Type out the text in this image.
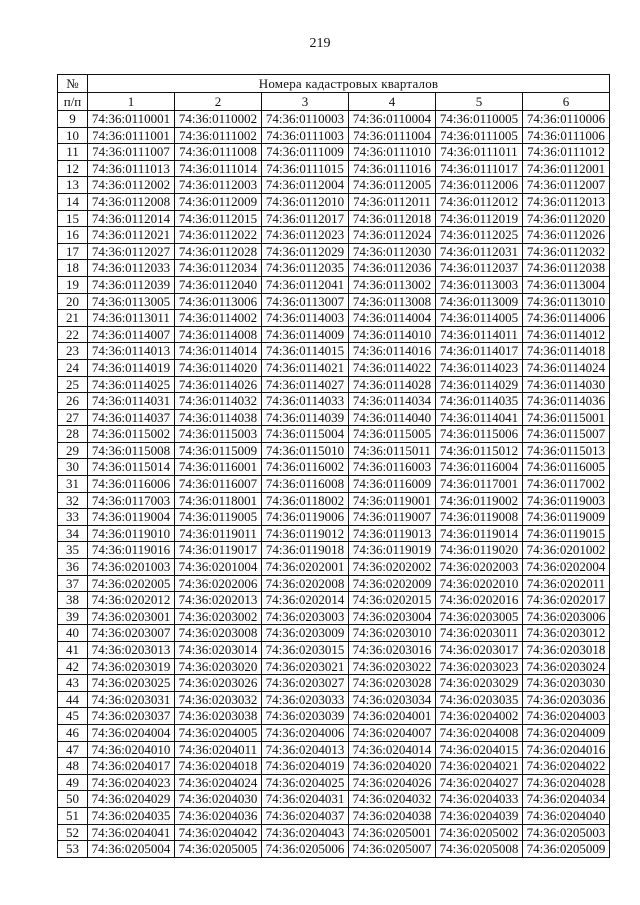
219
№	Номера кадастровых кварталов					
п/п	1	2	3	4	5	6
9	74:36:0110001	74:36:0110002	74:36:0110003	74:36:0110004	74:36:0110005	74:36:0110006
10	74:36:0111001	74:36:0111002	74:36:0111003	74:36:0111004	74:36:0111005	74:36:0111006
11	74:36:0111007	74:36:0111008	74:36:0111009	74:36:0111010	74:36:0111011	74:36:0111012
12	74:36:0111013	74:36:0111014	74:36:0111015	74:36:0111016	74:36:0111017	74:36:0112001
13	74:36:0112002	74:36:0112003	74:36:0112004	74:36:0112005	74:36:0112006	74:36:0112007
14	74:36:0112008	74:36:0112009	74:36:0112010	74:36:0112011	74:36:0112012	74:36:0112013
15	74:36:0112014	74:36:0112015	74:36:0112017	74:36:0112018	74:36:0112019	74:36:0112020
16	74:36:0112021	74:36:0112022	74:36:0112023	74:36:0112024	74:36:0112025	74:36:0112026
17	74:36:0112027	74:36:0112028	74:36:0112029	74:36:0112030	74:36:0112031	74:36:0112032
18	74:36:0112033	74:36:0112034	74:36:0112035	74:36:0112036	74:36:0112037	74:36:0112038
19	74:36:0112039	74:36:0112040	74:36:0112041	74:36:0113002	74:36:0113003	74:36:0113004
20	74:36:0113005	74:36:0113006	74:36:0113007	74:36:0113008	74:36:0113009	74:36:0113010
21	74:36:0113011	74:36:0114002	74:36:0114003	74:36:0114004	74:36:0114005	74:36:0114006
22	74:36:0114007	74:36:0114008	74:36:0114009	74:36:0114010	74:36:0114011	74:36:0114012
23	74:36:0114013	74:36:0114014	74:36:0114015	74:36:0114016	74:36:0114017	74:36:0114018
24	74:36:0114019	74:36:0114020	74:36:0114021	74:36:0114022	74:36:0114023	74:36:0114024
25	74:36:0114025	74:36:0114026	74:36:0114027	74:36:0114028	74:36:0114029	74:36:0114030
26	74:36:0114031	74:36:0114032	74:36:0114033	74:36:0114034	74:36:0114035	74:36:0114036
27	74:36:0114037	74:36:0114038	74:36:0114039	74:36:0114040	74:36:0114041	74:36:0115001
28	74:36:0115002	74:36:0115003	74:36:0115004	74:36:0115005	74:36:0115006	74:36:0115007
29	74:36:0115008	74:36:0115009	74:36:0115010	74:36:0115011	74:36:0115012	74:36:0115013
30	74:36:0115014	74:36:0116001	74:36:0116002	74:36:0116003	74:36:0116004	74:36:0116005
31	74:36:0116006	74:36:0116007	74:36:0116008	74:36:0116009	74:36:0117001	74:36:0117002
32	74:36:0117003	74:36:0118001	74:36:0118002	74:36:0119001	74:36:0119002	74:36:0119003
33	74:36:0119004	74:36:0119005	74:36:0119006	74:36:0119007	74:36:0119008	74:36:0119009
34	74:36:0119010	74:36:0119011	74:36:0119012	74:36:0119013	74:36:0119014	74:36:0119015
35	74:36:0119016	74:36:0119017	74:36:0119018	74:36:0119019	74:36:0119020	74:36:0201002
36	74:36:0201003	74:36:0201004	74:36:0202001	74:36:0202002	74:36:0202003	74:36:0202004
37	74:36:0202005	74:36:0202006	74:36:0202008	74:36:0202009	74:36:0202010	74:36:0202011
38	74:36:0202012	74:36:0202013	74:36:0202014	74:36:0202015	74:36:0202016	74:36:0202017
39	74:36:0203001	74:36:0203002	74:36:0203003	74:36:0203004	74:36:0203005	74:36:0203006
40	74:36:0203007	74:36:0203008	74:36:0203009	74:36:0203010	74:36:0203011	74:36:0203012
41	74:36:0203013	74:36:0203014	74:36:0203015	74:36:0203016	74:36:0203017	74:36:0203018
42	74:36:0203019	74:36:0203020	74:36:0203021	74:36:0203022	74:36:0203023	74:36:0203024
43	74:36:0203025	74:36:0203026	74:36:0203027	74:36:0203028	74:36:0203029	74:36:0203030
44	74:36:0203031	74:36:0203032	74:36:0203033	74:36:0203034	74:36:0203035	74:36:0203036
45	74:36:0203037	74:36:0203038	74:36:0203039	74:36:0204001	74:36:0204002	74:36:0204003
46	74:36:0204004	74:36:0204005	74:36:0204006	74:36:0204007	74:36:0204008	74:36:0204009
47	74:36:0204010	74:36:0204011	74:36:0204013	74:36:0204014	74:36:0204015	74:36:0204016
48	74:36:0204017	74:36:0204018	74:36:0204019	74:36:0204020	74:36:0204021	74:36:0204022
49	74:36:0204023	74:36:0204024	74:36:0204025	74:36:0204026	74:36:0204027	74:36:0204028
50	74:36:0204029	74:36:0204030	74:36:0204031	74:36:0204032	74:36:0204033	74:36:0204034
51	74:36:0204035	74:36:0204036	74:36:0204037	74:36:0204038	74:36:0204039	74:36:0204040
52	74:36:0204041	74:36:0204042	74:36:0204043	74:36:0205001	74:36:0205002	74:36:0205003
53	74:36:0205004	74:36:0205005	74:36:0205006	74:36:0205007	74:36:0205008	74:36:0205009
